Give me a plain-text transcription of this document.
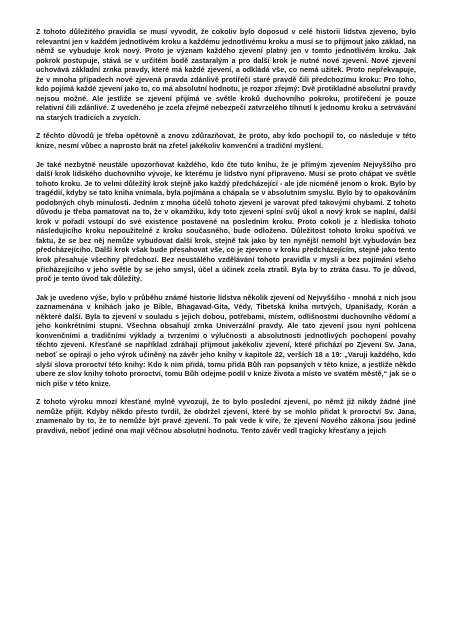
Z tohoto důležitého pravidla se musí vyvodit, že cokoliv bylo doposud v celé historii lidstva zjeveno, bylo relevantní jen v každém jednotlivém kroku a každému jednotlivému kroku a musí se to přijmout jako základ, na němž se vybuduje krok nový. Proto je význam každého zjevení platný jen v tomto jednotlivém kroku. Jak pokrok postupuje, stává se v určitém bodě zastaralým a pro další krok je nutné nové zjevení. Nové zjevení uchovává základní zrnka pravdy, které má každé zjevení, a odkládá vše, co nemá užitek. Proto nepřekvapuje, že v mnoha případech nové zjevená pravda zdánlivě protiřečí staré pravdě čili předchozímu kroku: Pro toho, kdo pojímá každé zjevení jako to, co má absolutní hodnotu, je rozpor zřejmý: Dvě protikladné absolutní pravdy nejsou možné. Ale jestliže se zjevení přijímá ve světle kroků duchovního pokroku, protiřečení je pouze relativní čili zdánlivé. Z uvedeného je zcela zřejmé nebezpečí zatvrzelého tíhnutí k jednomu kroku a setrvávání na starých tradicích a zvycích.

Z těchto důvodů je třeba opětovně a znovu zdůrazňovat, že proto, aby kdo pochopil to, co následuje v této knize, nesmí vůbec a naprosto brát na zřetel jakékoliv konvenční a tradiční myšlení.

Je také nezbytné neustále upozorňovat každého, kdo čte tuto knihu, že je přímým zjevením Nejvyššího pro další krok lidského duchovního vývoje, ke kterému je lidstvo nyní připraveno. Musí se proto chápat ve světle tohoto kroku. Je to velmi důležitý krok stejně jako každý předcházející - ale jde nicméně jenom o krok. Bylo by tragédií, kdyby se tato kniha vnímala, byla pojímána a chápala se v absolutním smyslu. Bylo by to opakováním podobných chyb minulosti. Jedním z mnoha účelů tohoto zjevení je varovat před takovými chybami. Z tohoto důvodu je třeba pamatovat na to, že v okamžiku, kdy toto zjevení splní svůj úkol a nový krok se naplní, další krok v pořadí vstoupí do své existence postavené na posledním kroku. Proto cokoli je z hlediska tohoto následujícího kroku nepoužitelné z kroku současného, bude odloženo. Důležitost tohoto kroku spočívá ve faktu, že se bez něj nemůže vybudovat další krok, stejně tak jako by ten nynější nemohl být vybudován bez předcházejícího. Další krok však bude přesahovat vše, co je zjeveno v kroku předcházejícím, stejně jako tento krok přesahuje všechny předchozí. Bez neustálého vzdělávání tohoto pravidla v mysli a bez pojímání všeho přicházejícího v jeho světle by se jeho smysl, účel a účinek zcela ztratil. Byla by to ztráta času. To je důvod, proč je tento úvod tak důležitý.

Jak je uvedeno výše, bylo v průběhu známé historie lidstva několik zjevení od Nejvyššího - mnohá z nich jsou zaznamenána v knihách jako je Bible, Bhagavad-Gita, Védy, Tibetská kniha mrtvých, Upanišady, Korán a některé další. Byla to zjevení v souladu s jejich dobou, potřebami, místem, odlišnostmi duchovního vědomí a jeho konkrétními stupni. Všechna obsahují zrnka Univerzální pravdy. Ale tato zjevení jsou nyní pohlcena konvenčními a tradičními výklady a tvrzeními o výlučnosti a absolutnosti jednotlivých pochopení povahy těchto zjevení. Křesťané se například zdráhají přijmout jakékoliv zjevení, které přichází po Zjevení Sv. Jana, neboť se opírají o jeho výrok učiněný na závěr jeho knihy v kapitole 22, verších 18 a 19: „Varuji každého, kdo slyší slova proroctví této knihy: Kdo k nim přidá, tomu přidá Bůh ran popsaných v této knize, a jestliže někdo ubere ze slov knihy tohoto proroctví, tomu Bůh odejme podíl v knize života a místo ve svatém městě,“ jak se o nich píše v této knize.

Z tohoto výroku mnozí křesťané mylně vyvozují, že to bylo poslední zjevení, po němž již nikdy žádné jiné nemůže přijít. Kdyby někdo přesto tvrdil, že obdržel zjevení, které by se mohlo přidat k proroctví Sv. Jana, znamenalo by to, že to nemůže být pravé zjevení. To pak vede k víře, že zjevení Nového zákona jsou jediné pravdivá, neboť jediné ona mají věčnou absolutní hodnotu. Tento závěr vedl tragicky křesťany a jejich
